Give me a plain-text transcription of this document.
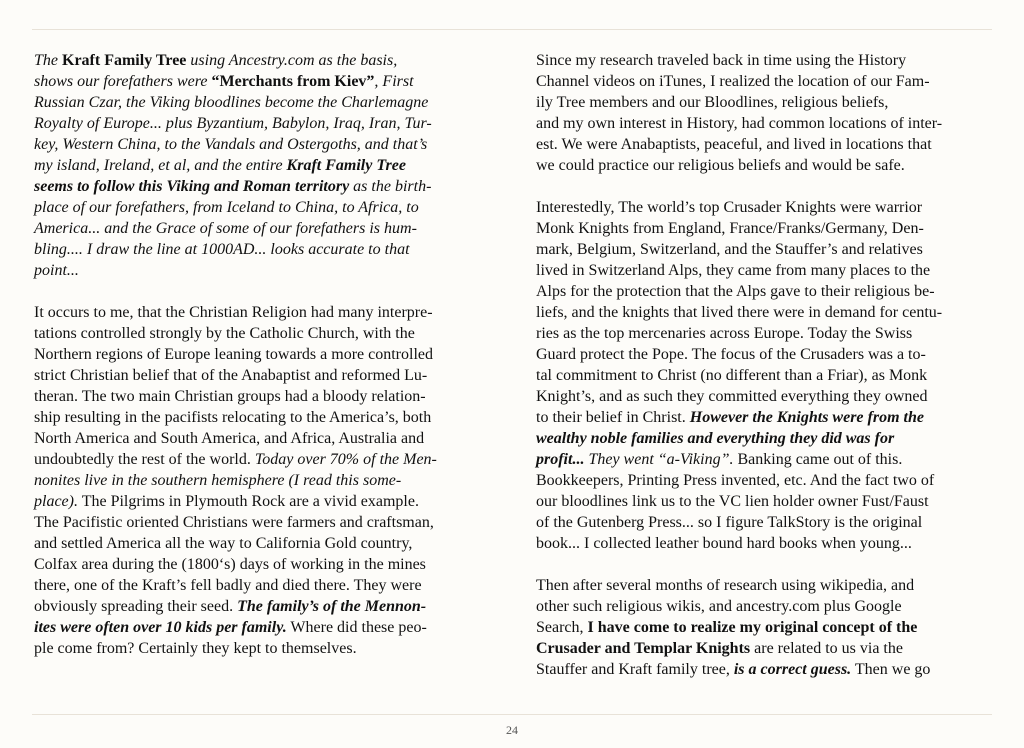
The Kraft Family Tree using Ancestry.com as the basis,
shows our forefathers were “Merchants from Kiev”, First
Russian Czar, the Viking bloodlines become the Charlemagne
Royalty of Europe... plus Byzantium, Babylon, Iraq, Iran, Tur-
key, Western China, to the Vandals and Ostergoths, and that’s
my island, Ireland, et al, and the entire Kraft Family Tree
seems to follow this Viking and Roman territory as the birth-
place of our forefathers, from Iceland to China, to Africa, to
America... and the Grace of some of our forefathers is hum-
bling.... I draw the line at 1000AD... looks accurate to that
point...
It occurs to me, that the Christian Religion had many interpre-
tations controlled strongly by the Catholic Church, with the
Northern regions of Europe leaning towards a more controlled
strict Christian belief that of the Anabaptist and reformed Lu-
theran. The two main Christian groups had a bloody relation-
ship resulting in the pacifists relocating to the America’s, both
North America and South America, and Africa, Australia and
undoubtedly the rest of the world. Today over 70% of the Men-
nonites live in the southern hemisphere (I read this some-
place). The Pilgrims in Plymouth Rock are a vivid example.
The Pacifistic oriented Christians were farmers and craftsman,
and settled America all the way to California Gold country,
Colfax area during the (1800‘s) days of working in the mines
there, one of the Kraft’s fell badly and died there. They were
obviously spreading their seed. The family’s of the Mennon-
ites were often over 10 kids per family. Where did these peo-
ple come from? Certainly they kept to themselves.
Since my research traveled back in time using the History
Channel videos on iTunes, I realized the location of our Fam-
ily Tree members and our Bloodlines, religious beliefs,
and my own interest in History, had common locations of inter-
est. We were Anabaptists, peaceful, and lived in locations that
we could practice our religious beliefs and would be safe.
Interestedly, The world’s top Crusader Knights were warrior
Monk Knights from England, France/Franks/Germany, Den-
mark, Belgium, Switzerland, and the Stauffer’s and relatives
lived in Switzerland Alps, they came from many places to the
Alps for the protection that the Alps gave to their religious be-
liefs, and the knights that lived there were in demand for centu-
ries as the top mercenaries across Europe. Today the Swiss
Guard protect the Pope. The focus of the Crusaders was a to-
tal commitment to Christ (no different than a Friar), as Monk
Knight’s, and as such they committed everything they owned
to their belief in Christ. However the Knights were from the
wealthy noble families and everything they did was for
profit... They went “a-Viking”. Banking came out of this.
Bookkeepers, Printing Press invented, etc. And the fact two of
our bloodlines link us to the VC lien holder owner Fust/Faust
of the Gutenberg Press... so I figure TalkStory is the original
book... I collected leather bound hard books when young...
Then after several months of research using wikipedia, and
other such religious wikis, and ancestry.com plus Google
Search, I have come to realize my original concept of the
Crusader and Templar Knights are related to us via the
Stauffer and Kraft family tree, is a correct guess. Then we go
24
